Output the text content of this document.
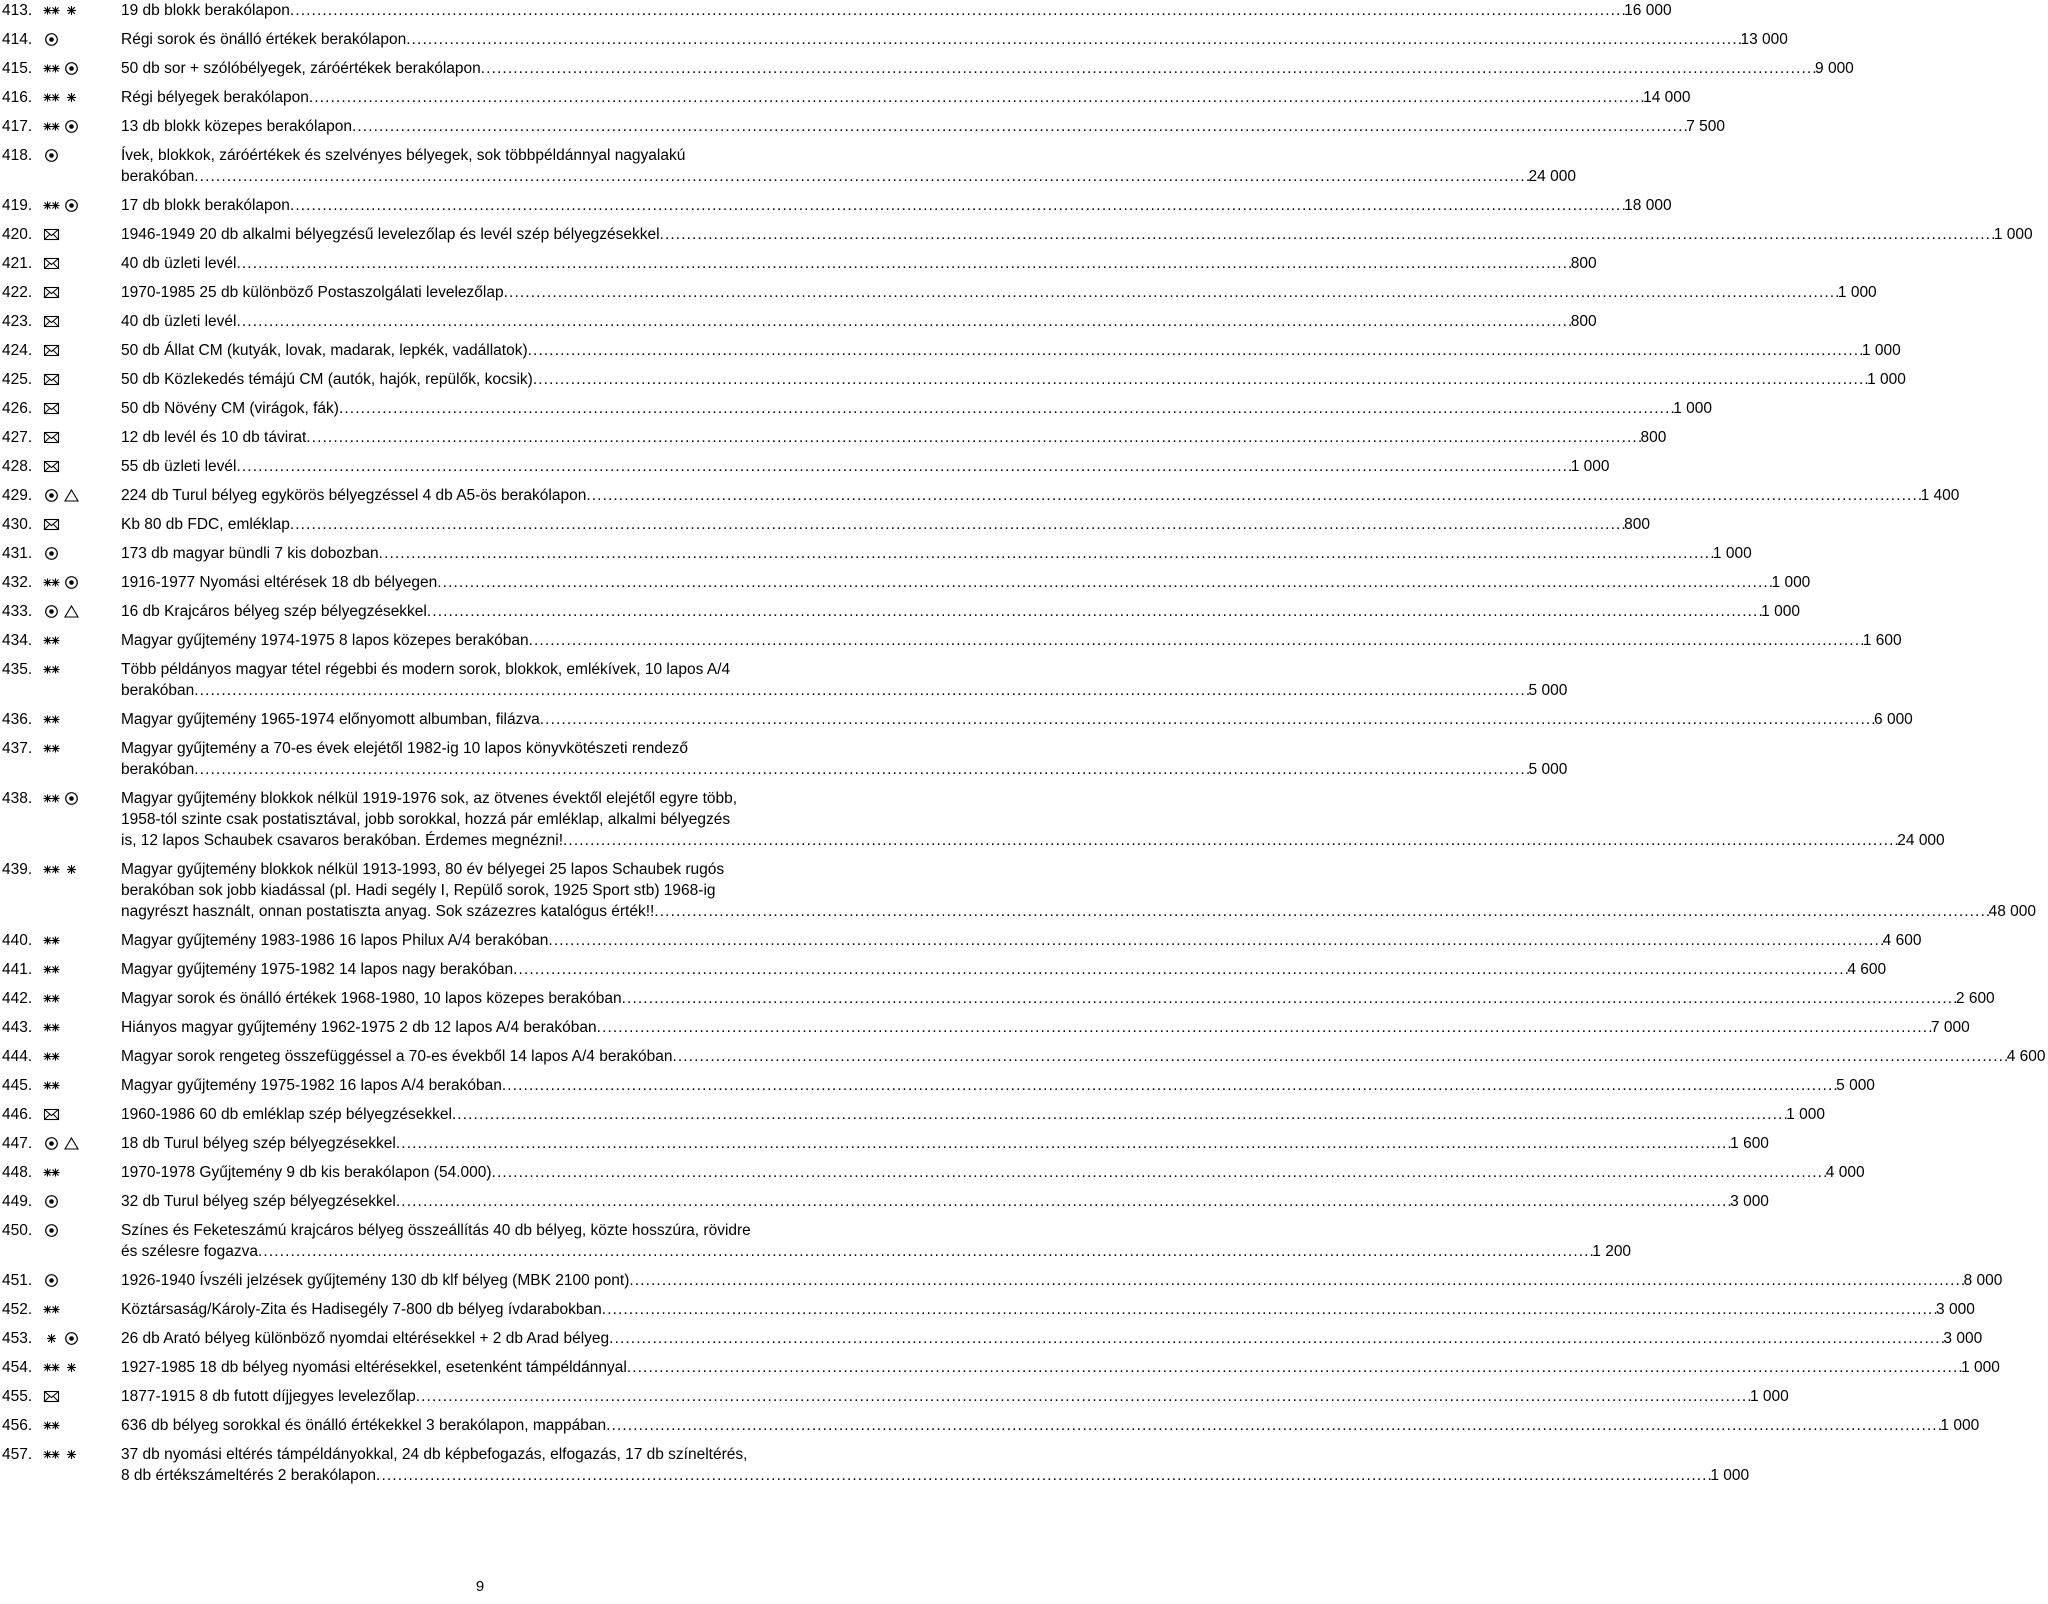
413.	19 db blokk berakólapon . . .	16 000
414.	Régi sorok és önálló értékek berakólapon . . .	13 000
415.	50 db sor + szólóbélyegek, záróértékek berakólapon . . .	9 000
416.	Régi bélyegek berakólapon . . .	14 000
417.	13 db blokk közepes berakólapon . . .	7 500
418.	Ívek, blokkok, záróértékek és szelvényes bélyegek, sok többpéldánnyal nagyalakú
berakóban . . .	24 000
419.	17 db blokk berakólapon . . .	18 000
420.	1946-1949 20 db alkalmi bélyegzésű levelezőlap és levél szép bélyegzésekkel . . .	1 000
421.	40 db üzleti levél . . .	800
422.	1970-1985 25 db különböző Postaszolgálati levelezőlap . . .	1 000
423.	40 db üzleti levél . . .	800
424.	50 db Állat CM (kutyák, lovak, madarak, lepkék, vadállatok) . . .	1 000
425.	50 db Közlekedés témájú CM (autók, hajók, repülők, kocsik) . . .	1 000
426.	50 db Növény CM (virágok, fák) . . .	1 000
427.	12 db levél és 10 db távirat . . .	800
428.	55 db üzleti levél . . .	1 000
429.	224 db Turul bélyeg egykörös bélyegzéssel 4 db A5-ös berakólapon . . .	1 400
430.	Kb 80 db FDC, emléklap . . .	800
431.	173 db magyar bündli 7 kis dobozban . . .	1 000
432.	1916-1977 Nyomási eltérések 18 db bélyegen . . .	1 000
433.	16 db Krajcáros bélyeg szép bélyegzésekkel . . .	1 000
434.	Magyar gyűjtemény 1974-1975 8 lapos közepes berakóban . . .	1 600
435.	Több példányos magyar tétel régebbi és modern sorok, blokkok, emlékívek, 10 lapos A/4
berakóban . . .	5 000
436.	Magyar gyűjtemény 1965-1974 előnyomott albumban, filázva . . .	6 000
437.	Magyar gyűjtemény a 70-es évek elejétől 1982-ig 10 lapos könyvkötészeti rendező
berakóban . . .	5 000
438.	Magyar gyűjtemény blokkok nélkül 1919-1976 sok, az ötvenes évektől elejétől egyre több,
1958-tól szinte csak postatisztával, jobb sorokkal, hozzá pár emléklap, alkalmi bélyegzés
is, 12 lapos Schaubek csavaros berakóban. Érdemes megnézni! . . .	24 000
439.	Magyar gyűjtemény blokkok nélkül 1913-1993, 80 év bélyegei 25 lapos Schaubek rugós
berakóban sok jobb kiadással (pl. Hadi segély I, Repülő sorok, 1925 Sport stb) 1968-ig
nagyrészt használt, onnan postatiszta anyag. Sok százezres katalógus érték!! . . .	48 000
440.	Magyar gyűjtemény 1983-1986 16 lapos Philux A/4 berakóban . . .	4 600
441.	Magyar gyűjtemény 1975-1982 14 lapos nagy berakóban . . .	4 600
442.	Magyar sorok és önálló értékek 1968-1980, 10 lapos közepes berakóban . . .	2 600
443.	Hiányos magyar gyűjtemény 1962-1975 2 db 12 lapos A/4 berakóban . . .	7 000
444.	Magyar sorok rengeteg összefüggéssel a 70-es évekből 14 lapos A/4 berakóban . . .	4 600
445.	Magyar gyűjtemény 1975-1982 16 lapos A/4 berakóban . . .	5 000
446.	1960-1986 60 db emléklap szép bélyegzésekkel . . .	1 000
447.	18 db Turul bélyeg szép bélyegzésekkel . . .	1 600
448.	1970-1978 Gyűjtemény 9 db kis berakólapon (54.000) . . .	4 000
449.	32 db Turul bélyeg szép bélyegzésekkel . . .	3 000
450.	Színes és Feketeszámú krajcáros bélyeg összeállítás 40 db bélyeg, közte hosszúra, rövidre
és szélesre fogazva . . .	1 200
451.	1926-1940 Ívszéli jelzések gyűjtemény 130 db klf bélyeg (MBK 2100 pont) . . .	8 000
452.	Köztársaság/Károly-Zita és Hadisegély 7-800 db bélyeg ívdarabokban . . .	3 000
453.	26 db Arató bélyeg különböző nyomdai eltérésekkel + 2 db Arad bélyeg . . .	3 000
454.	1927-1985 18 db bélyeg nyomási eltérésekkel, esetenként támpéldánnyal . . .	1 000
455.	1877-1915 8 db futott díjjegyes levelezőlap . . .	1 000
456.	636 db bélyeg sorokkal és önálló értékekkel 3 berakólapon, mappában . . .	1 000
457.	37 db nyomási eltérés támpéldányokkal, 24 db képbefogazás, elfogazás, 17 db színeltérés,
8 db értékszámeltérés 2 berakólapon . . .	1 000
9
